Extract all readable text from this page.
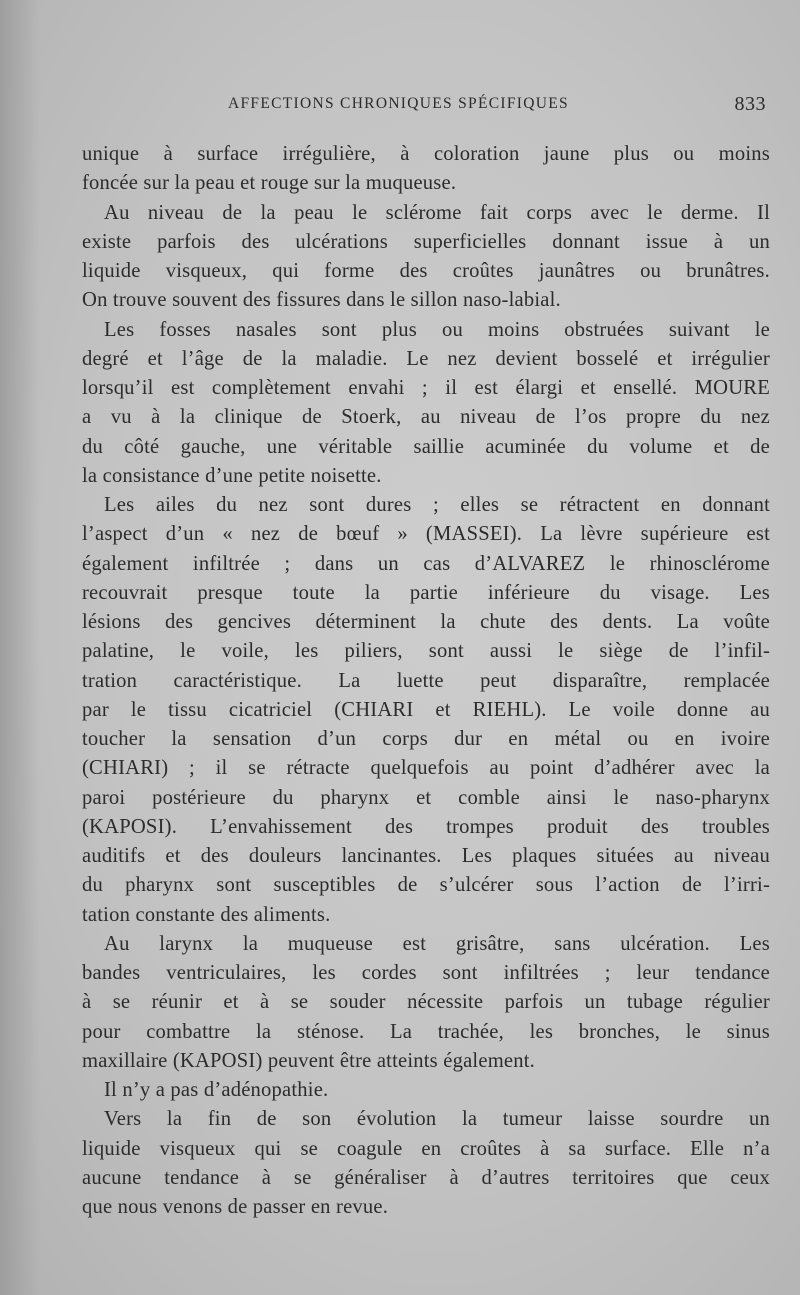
AFFECTIONS CHRONIQUES SPÉCIFIQUES	833
unique à surface irrégulière, à coloration jaune plus ou moins
foncée sur la peau et rouge sur la muqueuse.
Au niveau de la peau le sclérome fait corps avec le derme. Il
existe parfois des ulcérations superficielles donnant issue à un
liquide visqueux, qui forme des croûtes jaunâtres ou brunâtres.
On trouve souvent des fissures dans le sillon naso-labial.
Les fosses nasales sont plus ou moins obstruées suivant le
degré et l’âge de la maladie. Le nez devient bosselé et irrégulier
lorsqu’il est complètement envahi ; il est élargi et ensellé. MOURE
a vu à la clinique de Stoerk, au niveau de l’os propre du nez
du côté gauche, une véritable saillie acuminée du volume et de
la consistance d’une petite noisette.
Les ailes du nez sont dures ; elles se rétractent en donnant
l’aspect d’un « nez de bœuf » (MASSEI). La lèvre supérieure est
également infiltrée ; dans un cas d’ALVAREZ le rhinosclérome
recouvrait presque toute la partie inférieure du visage. Les
lésions des gencives déterminent la chute des dents. La voûte
palatine, le voile, les piliers, sont aussi le siège de l’infil-
tration caractéristique. La luette peut disparaître, remplacée
par le tissu cicatriciel (CHIARI et RIEHL). Le voile donne au
toucher la sensation d’un corps dur en métal ou en ivoire
(CHIARI) ; il se rétracte quelquefois au point d’adhérer avec la
paroi postérieure du pharynx et comble ainsi le naso-pharynx
(KAPOSI). L’envahissement des trompes produit des troubles
auditifs et des douleurs lancinantes. Les plaques situées au niveau
du pharynx sont susceptibles de s’ulcérer sous l’action de l’irri-
tation constante des aliments.
Au larynx la muqueuse est grisâtre, sans ulcération. Les
bandes ventriculaires, les cordes sont infiltrées ; leur tendance
à se réunir et à se souder nécessite parfois un tubage régulier
pour combattre la sténose. La trachée, les bronches, le sinus
maxillaire (KAPOSI) peuvent être atteints également.
Il n’y a pas d’adénopathie.
Vers la fin de son évolution la tumeur laisse sourdre un
liquide visqueux qui se coagule en croûtes à sa surface. Elle n’a
aucune tendance à se généraliser à d’autres territoires que ceux
que nous venons de passer en revue.
